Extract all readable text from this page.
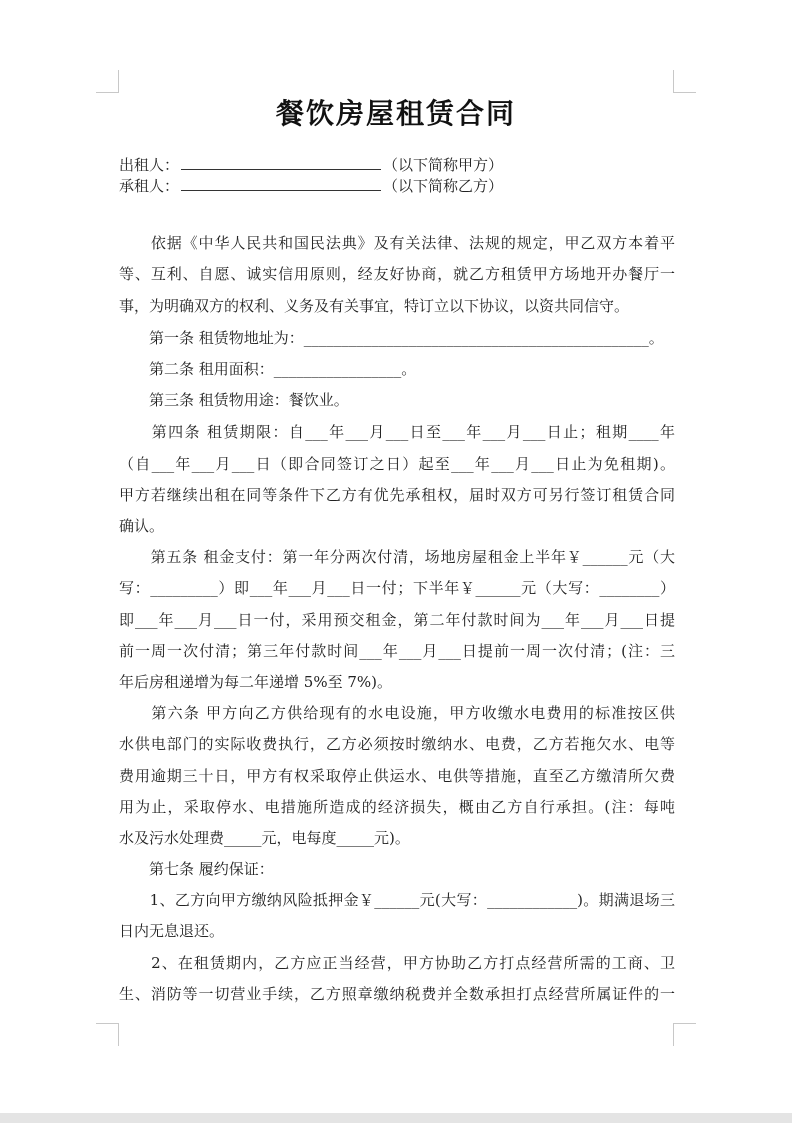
餐饮房屋租赁合同
出租人：	（以下简称甲方）
承租人：	（以下简称乙方）
　　依据《中华人民共和国民法典》及有关法律、法规的规定，甲乙双方本着平
等、互利、自愿、诚实信用原则，经友好协商，就乙方租赁甲方场地开办餐厅一
事，为明确双方的权利、义务及有关事宜，特订立以下协议，以资共同信守。
　　第一条 租赁物地址为：______________________________________________。
　　第二条 租用面积：_________________。
　　第三条 租赁物用途：餐饮业。
　　第四条 租赁期限：自___年___月___日至___年___月___日止；租期____年
（自___年___月___日（即合同签订之日）起至___年___月___日止为免租期)。
甲方若继续出租在同等条件下乙方有优先承租权，届时双方可另行签订租赁合同
确认。
　　第五条 租金支付：第一年分两次付清，场地房屋租金上半年￥______元（大
写：_________）即___年___月___日一付；下半年￥______元（大写：________）
即___年___月___日一付，采用预交租金，第二年付款时间为___年___月___日提
前一周一次付清；第三年付款时间___年___月___日提前一周一次付清；(注：三
年后房租递增为每二年递增 5%至 7%)。
　　第六条 甲方向乙方供给现有的水电设施，甲方收缴水电费用的标准按区供
水供电部门的实际收费执行，乙方必须按时缴纳水、电费，乙方若拖欠水、电等
费用逾期三十日，甲方有权采取停止供运水、电供等措施，直至乙方缴清所欠费
用为止，采取停水、电措施所造成的经济损失，概由乙方自行承担。(注：每吨
水及污水处理费_____元，电每度_____元)。
　　第七条 履约保证：
　　1、乙方向甲方缴纳风险抵押金￥______元(大写：____________)。期满退场三
日内无息退还。
　　2、在租赁期内，乙方应正当经营，甲方协助乙方打点经营所需的工商、卫
生、消防等一切营业手续，乙方照章缴纳税费并全数承担打点经营所属证件的一
